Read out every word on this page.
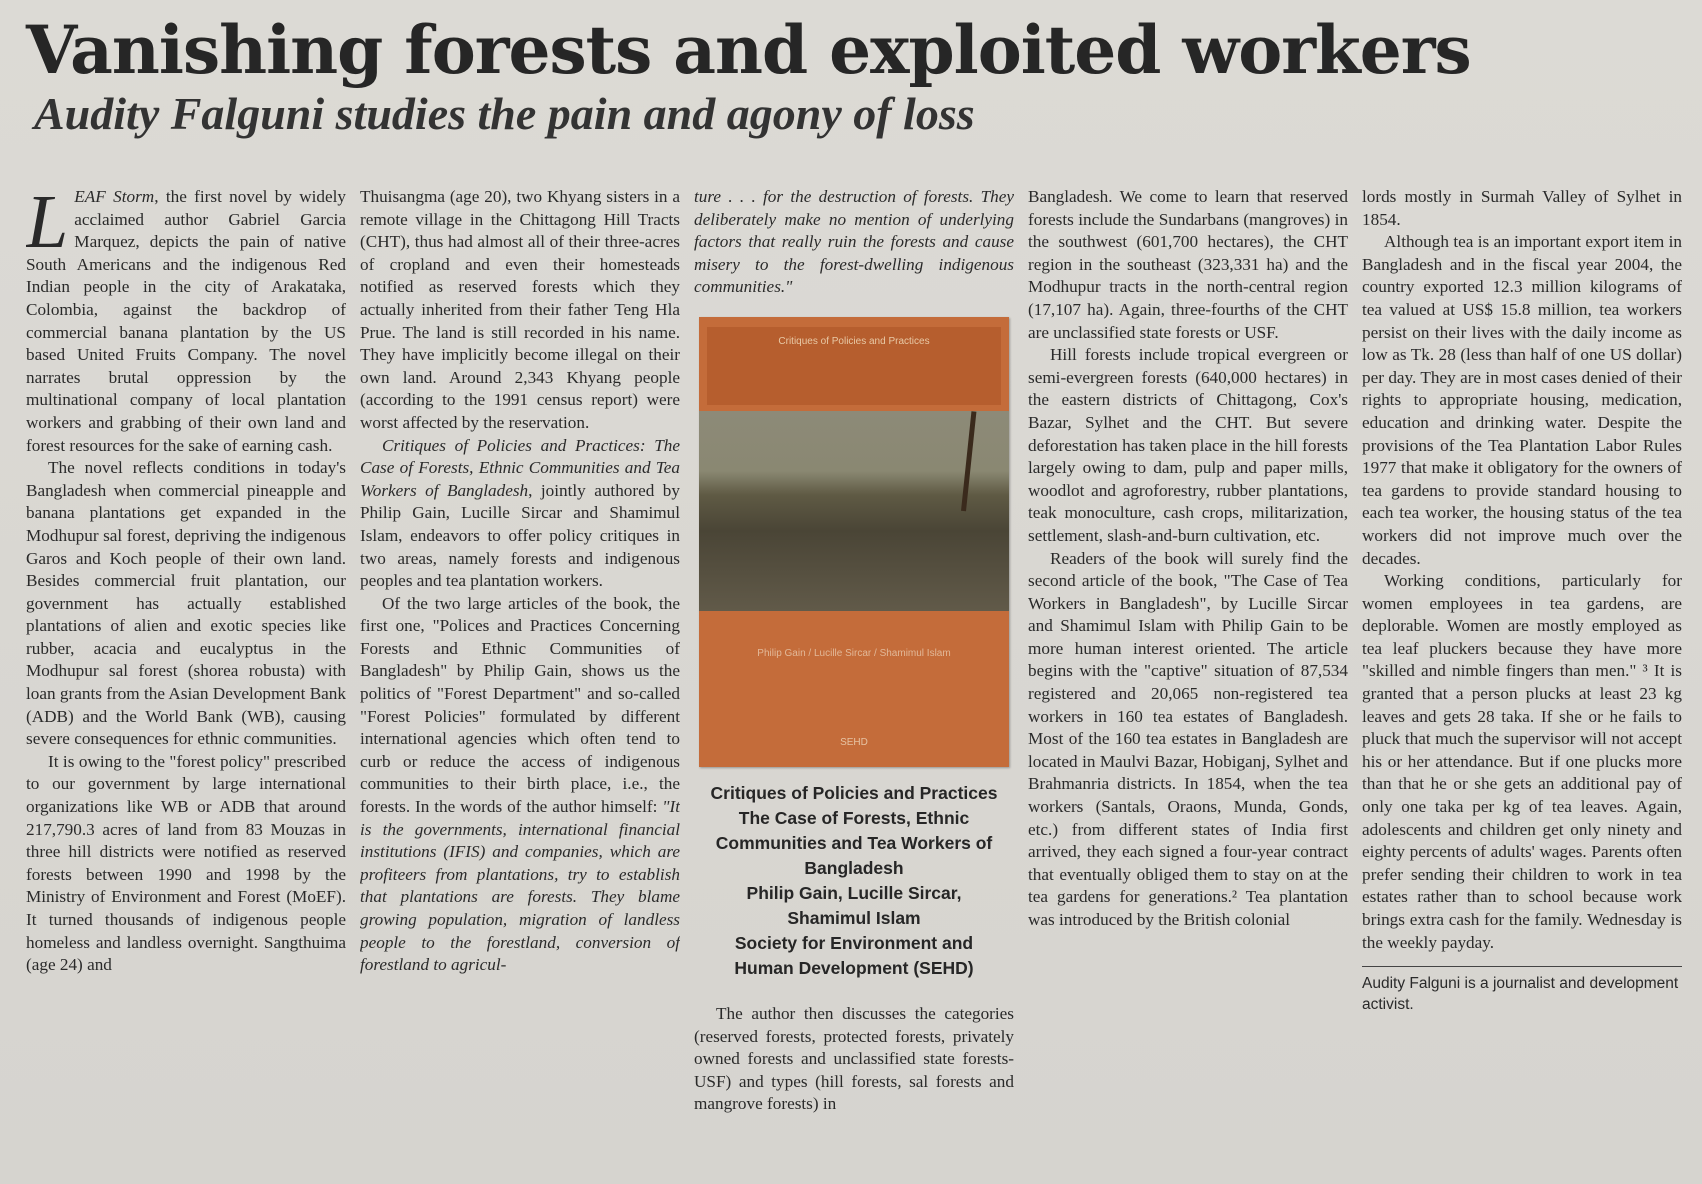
Vanishing forests and exploited workers
Audity Falguni studies the pain and agony of loss

LEAF Storm, the first novel by widely acclaimed author Gabriel Garcia Marquez, depicts the pain of native South Americans and the indigenous Red Indian people in the city of Arakataka, Colombia, against the backdrop of commercial banana plantation by the US based United Fruits Company. The novel narrates brutal oppression by the multinational company of local plantation workers and grabbing of their own land and forest resources for the sake of earning cash.

The novel reflects conditions in today's Bangladesh when commercial pineapple and banana plantations get expanded in the Modhupur sal forest, depriving the indigenous Garos and Koch people of their own land. Besides commercial fruit plantation, our government has actually established plantations of alien and exotic species like rubber, acacia and eucalyptus in the Modhupur sal forest (shorea robusta) with loan grants from the Asian Development Bank (ADB) and the World Bank (WB), causing severe consequences for ethnic communities.

It is owing to the "forest policy" prescribed to our government by large international organizations like WB or ADB that around 217,790.3 acres of land from 83 Mouzas in three hill districts were notified as reserved forests between 1990 and 1998 by the Ministry of Environment and Forest (MoEF). It turned thousands of indigenous people homeless and landless overnight. Sangthuima (age 24) and

Thuisangma (age 20), two Khyang sisters in a remote village in the Chittagong Hill Tracts (CHT), thus had almost all of their three-acres of cropland and even their homesteads notified as reserved forests which they actually inherited from their father Teng Hla Prue. The land is still recorded in his name. They have implicitly become illegal on their own land. Around 2,343 Khyang people (according to the 1991 census report) were worst affected by the reservation.

Critiques of Policies and Practices: The Case of Forests, Ethnic Communities and Tea Workers of Bangladesh, jointly authored by Philip Gain, Lucille Sircar and Shamimul Islam, endeavors to offer policy critiques in two areas, namely forests and indigenous peoples and tea plantation workers.

Of the two large articles of the book, the first one, "Polices and Practices Concerning Forests and Ethnic Communities of Bangladesh" by Philip Gain, shows us the politics of "Forest Department" and so-called "Forest Policies" formulated by different international agencies which often tend to curb or reduce the access of indigenous communities to their birth place, i.e., the forests. In the words of the author himself: "It is the governments, international financial institutions (IFIS) and companies, which are profiteers from plantations, try to establish that plantations are forests. They blame growing population, migration of landless people to the forestland, conversion of forestland to agricul-

ture . . . for the destruction of forests. They deliberately make no mention of underlying factors that really ruin the forests and cause misery to the forest-dwelling indigenous communities."

Critiques of Policies and Practices
Philip Gain / Lucille Sircar / Shamimul Islam
SEHD
Critiques of Policies and Practices
The Case of Forests, Ethnic
Communities and Tea Workers of
Bangladesh
Philip Gain, Lucille Sircar,
Shamimul Islam
Society for Environment and
Human Development (SEHD)

The author then discusses the categories (reserved forests, protected forests, privately owned forests and unclassified state forests-USF) and types (hill forests, sal forests and mangrove forests) in

Bangladesh. We come to learn that reserved forests include the Sundarbans (mangroves) in the southwest (601,700 hectares), the CHT region in the southeast (323,331 ha) and the Modhupur tracts in the north-central region (17,107 ha). Again, three-fourths of the CHT are unclassified state forests or USF.

Hill forests include tropical evergreen or semi-evergreen forests (640,000 hectares) in the eastern districts of Chittagong, Cox's Bazar, Sylhet and the CHT. But severe deforestation has taken place in the hill forests largely owing to dam, pulp and paper mills, woodlot and agroforestry, rubber plantations, teak monoculture, cash crops, militarization, settlement, slash-and-burn cultivation, etc.

Readers of the book will surely find the second article of the book, "The Case of Tea Workers in Bangladesh", by Lucille Sircar and Shamimul Islam with Philip Gain to be more human interest oriented. The article begins with the "captive" situation of 87,534 registered and 20,065 non-registered tea workers in 160 tea estates of Bangladesh. Most of the 160 tea estates in Bangladesh are located in Maulvi Bazar, Hobiganj, Sylhet and Brahmanria districts. In 1854, when the tea workers (Santals, Oraons, Munda, Gonds, etc.) from different states of India first arrived, they each signed a four-year contract that eventually obliged them to stay on at the tea gardens for generations.² Tea plantation was introduced by the British colonial

lords mostly in Surmah Valley of Sylhet in 1854.

Although tea is an important export item in Bangladesh and in the fiscal year 2004, the country exported 12.3 million kilograms of tea valued at US$ 15.8 million, tea workers persist on their lives with the daily income as low as Tk. 28 (less than half of one US dollar) per day. They are in most cases denied of their rights to appropriate housing, medication, education and drinking water. Despite the provisions of the Tea Plantation Labor Rules 1977 that make it obligatory for the owners of tea gardens to provide standard housing to each tea worker, the housing status of the tea workers did not improve much over the decades.

Working conditions, particularly for women employees in tea gardens, are deplorable. Women are mostly employed as tea leaf pluckers because they have more "skilled and nimble fingers than men." ³ It is granted that a person plucks at least 23 kg leaves and gets 28 taka. If she or he fails to pluck that much the supervisor will not accept his or her attendance. But if one plucks more than that he or she gets an additional pay of only one taka per kg of tea leaves. Again, adolescents and children get only ninety and eighty percents of adults' wages. Parents often prefer sending their children to work in tea estates rather than to school because work brings extra cash for the family. Wednesday is the weekly payday.

Audity Falguni is a journalist and development activist.
